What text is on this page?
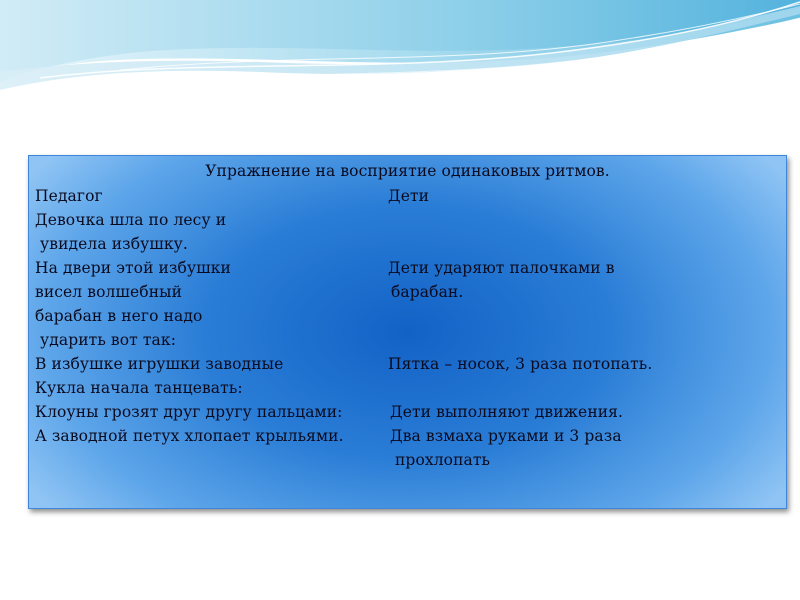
Упражнение на восприятие одинаковых ритмов.
Педагог	Дети
Девочка шла по лесу и
увидела избушку.
На двери этой избушки
висел волшебный
барабан в него надо
ударить вот так:
В избушке игрушки заводные
Кукла начала танцевать:
Клоуны грозят друг другу пальцами:
А заводной петух хлопает крыльями.
Дети ударяют палочками в
барабан.
Пятка – носок, 3 раза потопать.
Дети выполняют движения.
Два взмаха руками и 3 раза
прохлопать
